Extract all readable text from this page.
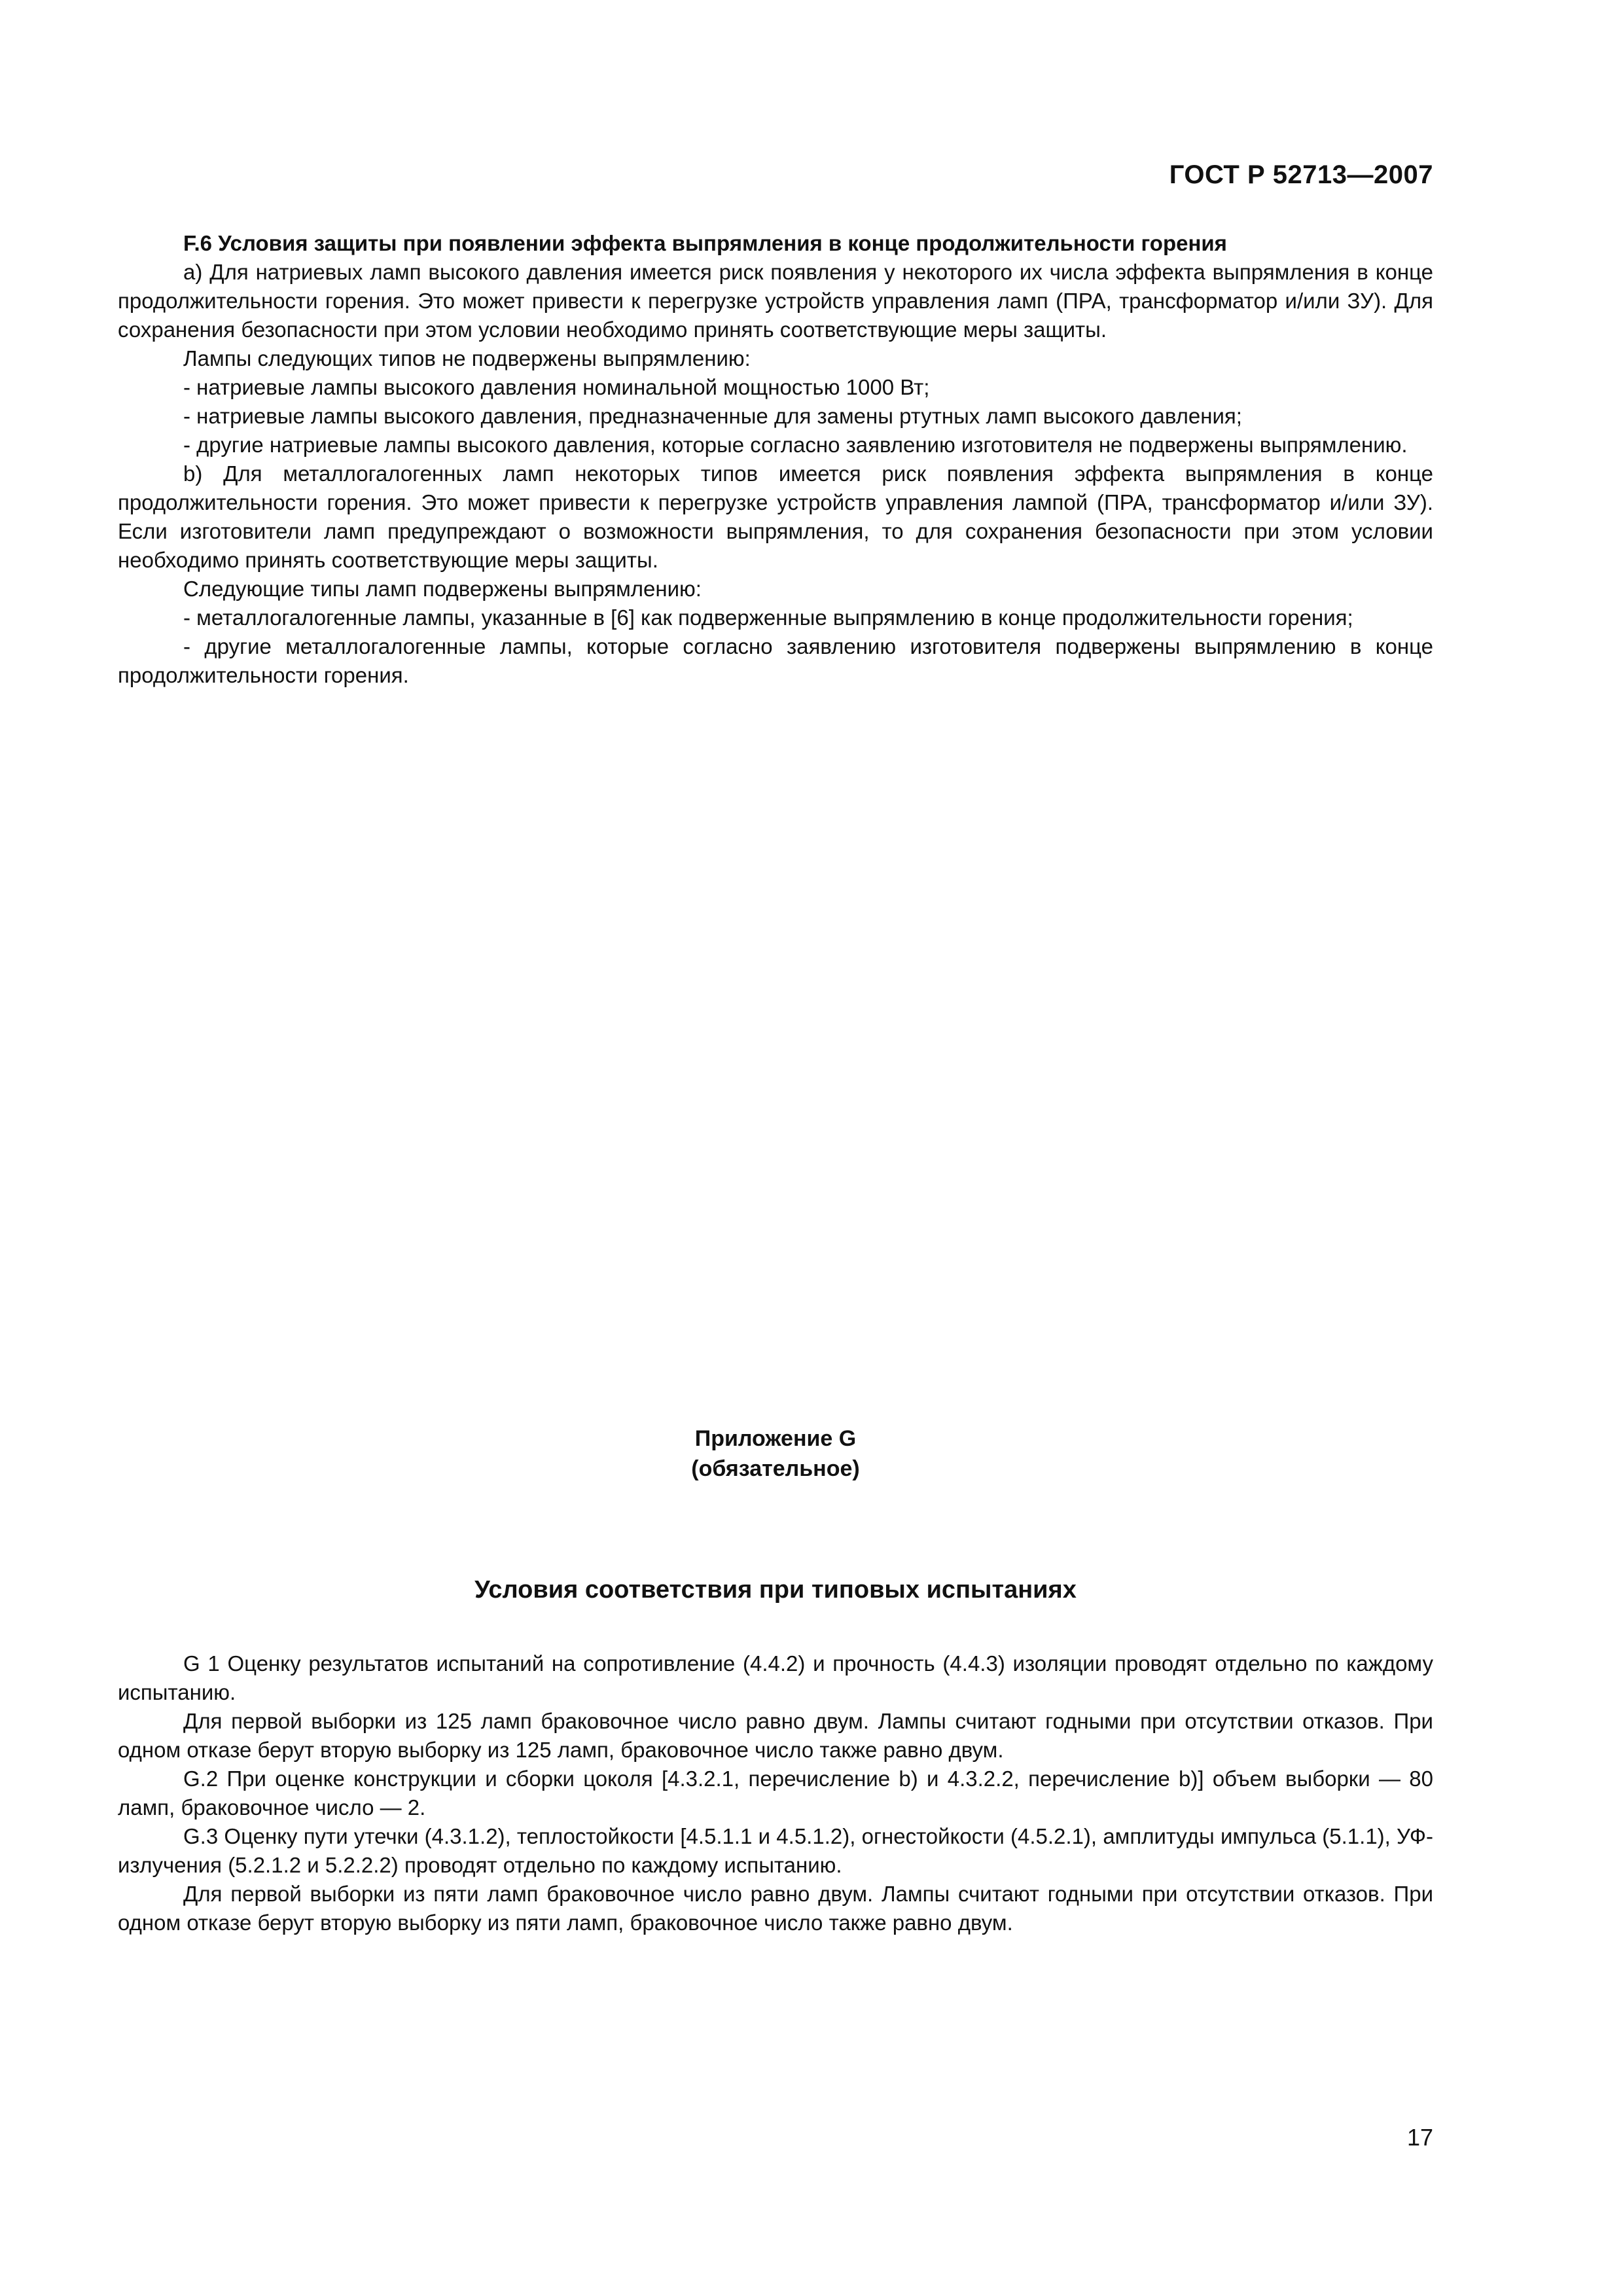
ГОСТ Р 52713—2007

F.6 Условия защиты при появлении эффекта выпрямления в конце продолжительности горения

a) Для натриевых ламп высокого давления имеется риск появления у некоторого их числа эффекта выпрямления в конце продолжительности горения. Это может привести к перегрузке устройств управления ламп (ПРА, трансформатор и/или ЗУ). Для сохранения безопасности при этом условии необходимо принять соответствующие меры защиты.

Лампы следующих типов не подвержены выпрямлению:

- натриевые лампы высокого давления номинальной мощностью 1000 Вт;

- натриевые лампы высокого давления, предназначенные для замены ртутных ламп высокого давления;

- другие натриевые лампы высокого давления, которые согласно заявлению изготовителя не подвержены выпрямлению.

b) Для металлогалогенных ламп некоторых типов имеется риск появления эффекта выпрямления в конце продолжительности горения. Это может привести к перегрузке устройств управления лампой (ПРА, трансформатор и/или ЗУ). Если изготовители ламп предупреждают о возможности выпрямления, то для сохранения безопасности при этом условии необходимо принять соответствующие меры защиты.

Следующие типы ламп подвержены выпрямлению:

- металлогалогенные лампы, указанные в [6] как подверженные выпрямлению в конце продолжительности горения;

- другие металлогалогенные лампы, которые согласно заявлению изготовителя подвержены выпрямлению в конце продолжительности горения.

Приложение G
(обязательное)
Условия соответствия при типовых испытаниях

G 1 Оценку результатов испытаний на сопротивление (4.4.2) и прочность (4.4.3) изоляции проводят отдельно по каждому испытанию.

Для первой выборки из 125 ламп браковочное число равно двум. Лампы считают годными при отсутствии отказов. При одном отказе берут вторую выборку из 125 ламп, браковочное число также равно двум.

G.2 При оценке конструкции и сборки цоколя [4.3.2.1, перечисление b) и 4.3.2.2, перечисление b)] объем выборки — 80 ламп, браковочное число — 2.

G.3 Оценку пути утечки (4.3.1.2), теплостойкости [4.5.1.1 и 4.5.1.2), огнестойкости (4.5.2.1), амплитуды импульса (5.1.1), УФ-излучения (5.2.1.2 и 5.2.2.2) проводят отдельно по каждому испытанию.

Для первой выборки из пяти ламп браковочное число равно двум. Лампы считают годными при отсутствии отказов. При одном отказе берут вторую выборку из пяти ламп, браковочное число также равно двум.

17
